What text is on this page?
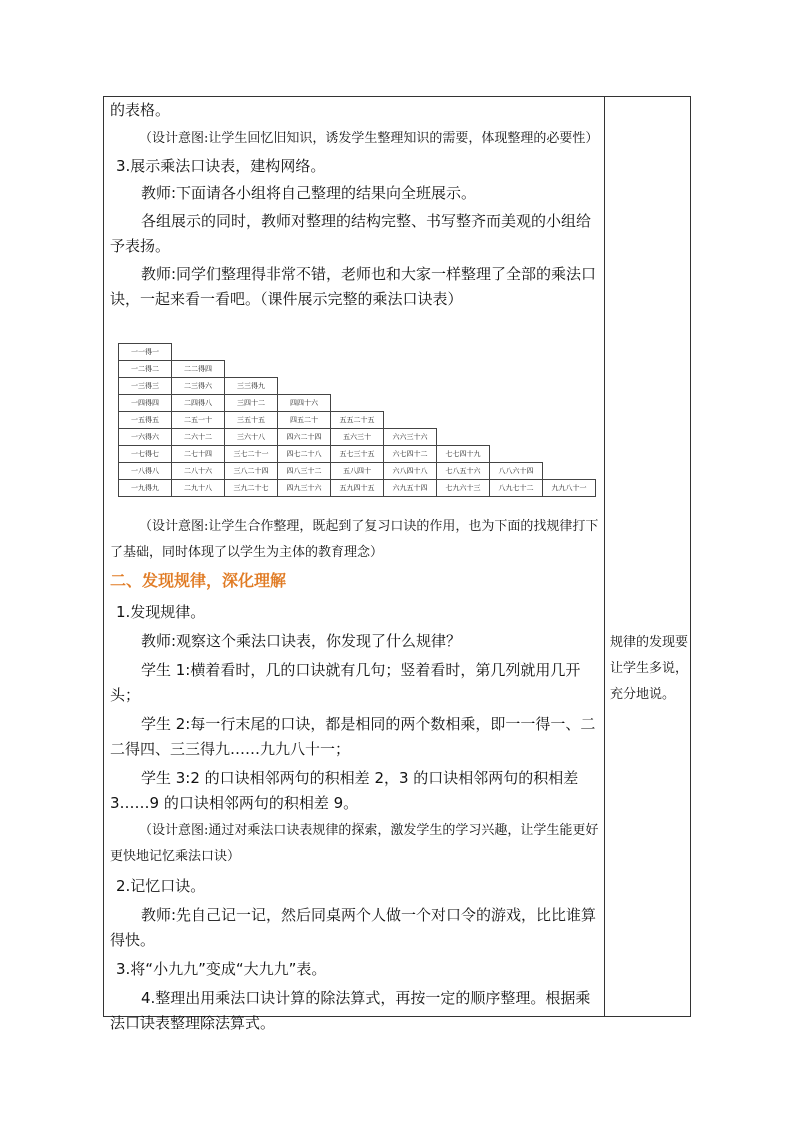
的表格。

（设计意图:让学生回忆旧知识，诱发学生整理知识的需要，体现整理的必要性）

3.展示乘法口诀表，建构网络。

教师:下面请各小组将自己整理的结果向全班展示。

各组展示的同时，教师对整理的结构完整、书写整齐而美观的小组给予表扬。

教师:同学们整理得非常不错，老师也和大家一样整理了全部的乘法口诀，一起来看一看吧。（课件展示完整的乘法口诀表）

一一得一								
一二得二	二二得四							
一三得三	二三得六	三三得九						
一四得四	二四得八	三四十二	四四十六					
一五得五	二五一十	三五十五	四五二十	五五二十五				
一六得六	二六十二	三六十八	四六二十四	五六三十	六六三十六			
一七得七	二七十四	三七二十一	四七二十八	五七三十五	六七四十二	七七四十九		
一八得八	二八十六	三八二十四	四八三十二	五八四十	六八四十八	七八五十六	八八六十四	
一九得九	二九十八	三九二十七	四九三十六	五九四十五	六九五十四	七九六十三	八九七十二	九九八十一

（设计意图:让学生合作整理，既起到了复习口诀的作用，也为下面的找规律打下了基础，同时体现了以学生为主体的教育理念）

二、发现规律，深化理解

1.发现规律。

教师:观察这个乘法口诀表，你发现了什么规律？

学生 1:横着看时，几的口诀就有几句；竖着看时，第几列就用几开头；

学生 2:每一行末尾的口诀，都是相同的两个数相乘，即一一得一、二二得四、三三得九……九九八十一；

学生 3:2 的口诀相邻两句的积相差 2，3 的口诀相邻两句的积相差 3……9 的口诀相邻两句的积相差 9。

（设计意图:通过对乘法口诀表规律的探索，激发学生的学习兴趣，让学生能更好更快地记忆乘法口诀）

2.记忆口诀。

教师:先自己记一记，然后同桌两个人做一个对口令的游戏，比比谁算得快。

3.将“小九九”变成“大九九”表。

4.整理出用乘法口诀计算的除法算式，再按一定的顺序整理。根据乘法口诀表整理除法算式。

规律的发现要让学生多说，充分地说。
